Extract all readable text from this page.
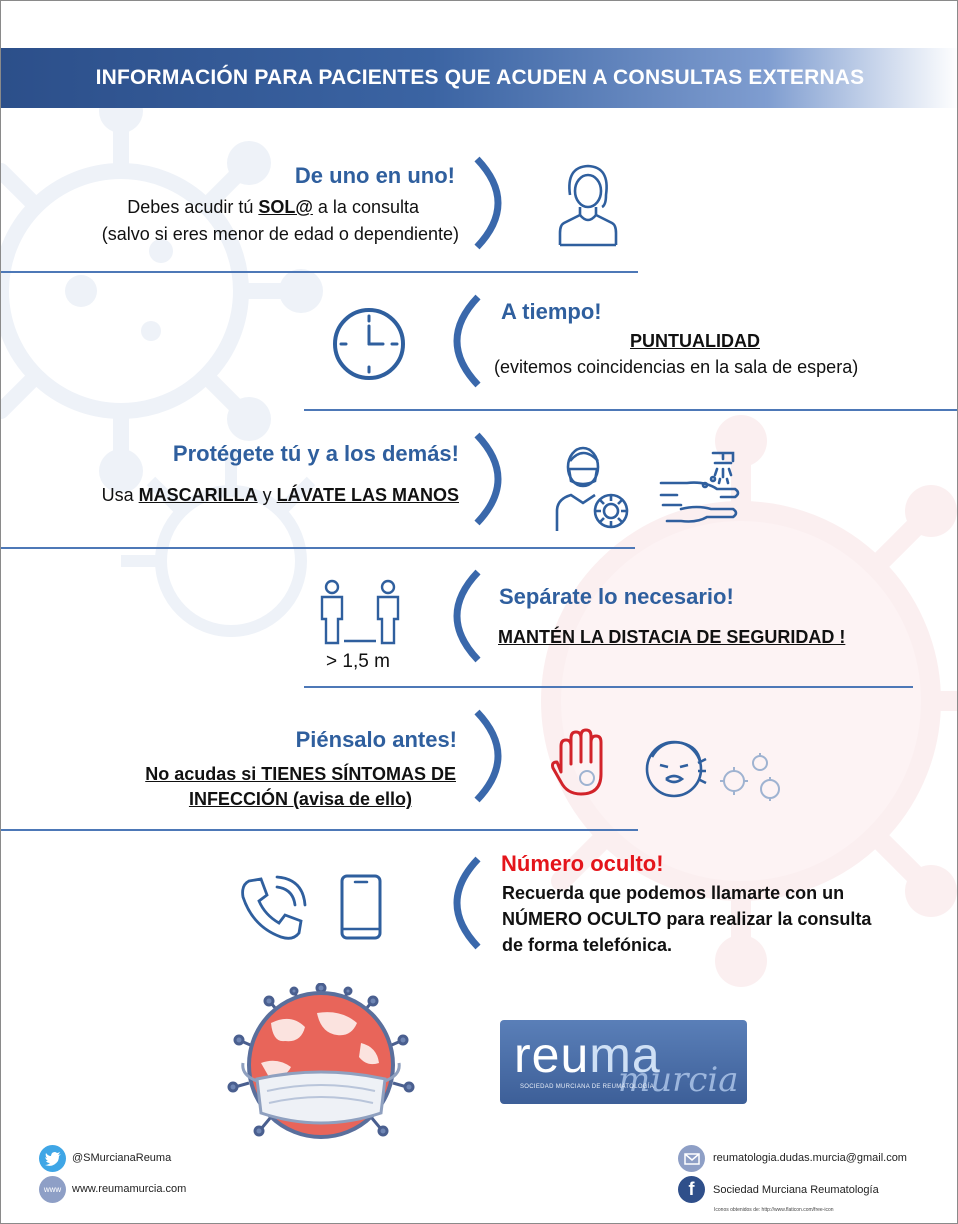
INFORMACIÓN PARA PACIENTES QUE ACUDEN A CONSULTAS EXTERNAS
De uno en uno!
Debes acudir tú SOL@ a la consulta
(salvo si eres menor de edad o dependiente)
A tiempo!
PUNTUALIDAD
(evitemos coincidencias en la sala de espera)
Protégete tú y a los demás!
Usa MASCARILLA y LÁVATE LAS MANOS
> 1,5 m
Sepárate lo necesario!
MANTÉN LA DISTACIA DE SEGURIDAD !
Piénsalo antes!
No acudas si TIENES SÍNTOMAS DE
INFECCIÓN (avisa de ello)
Número oculto!
Recuerda que podemos llamarte con un
NÚMERO OCULTO para realizar la consulta
de forma telefónica.
reuma
murcia
SOCIEDAD MURCIANA DE REUMATOLOGÍA
@SMurcianaReuma
www www.reumamurcia.com
reumatologia.dudas.murcia@gmail.com
f	Sociedad Murciana Reumatología
Iconos obtenidos de: http://www.flaticon.com/free-icon
